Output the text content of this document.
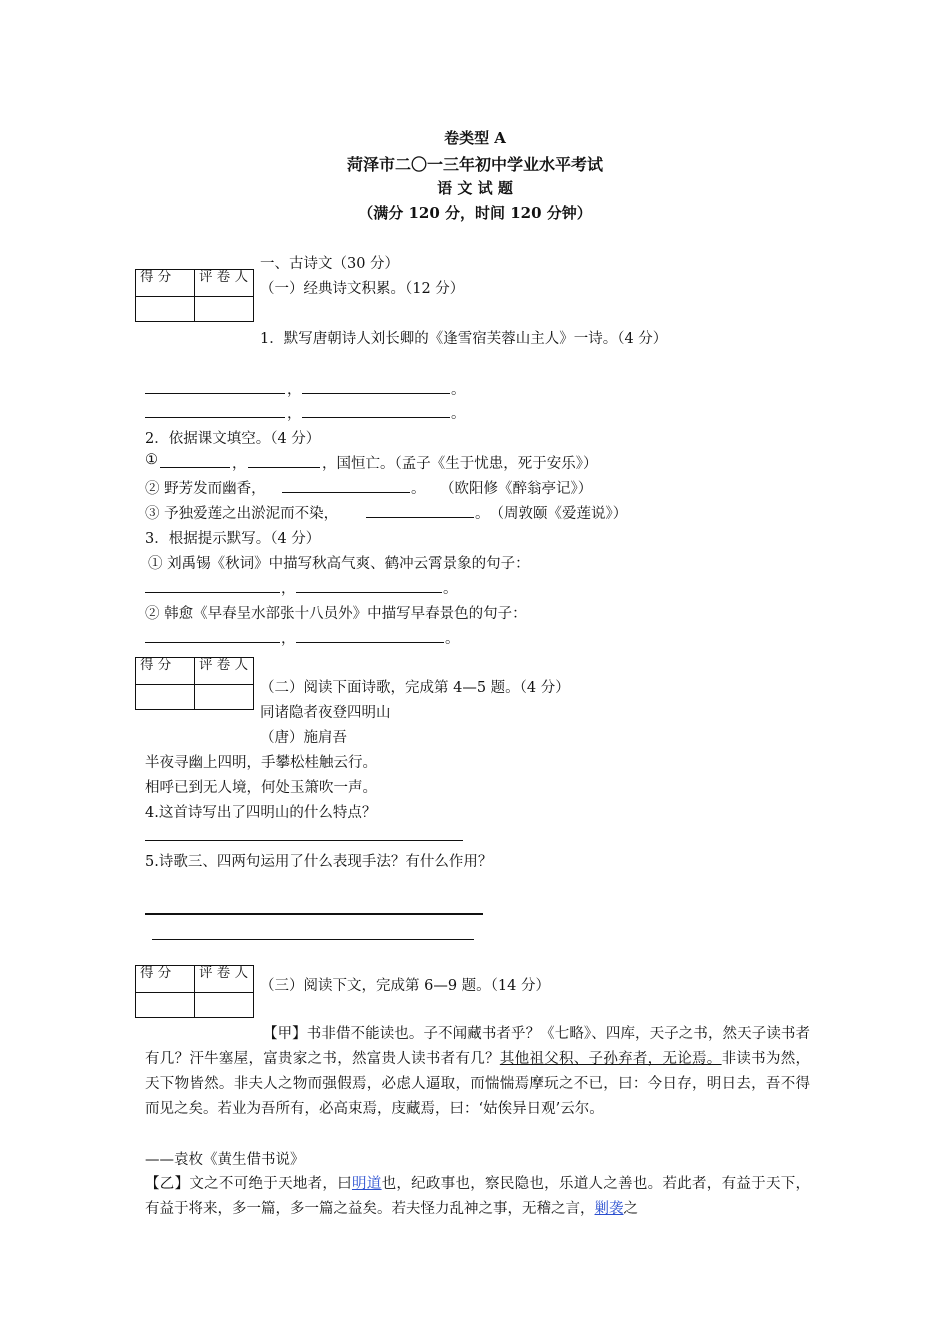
卷类型 A
菏泽市二〇一三年初中学业水平考试
语 文 试 题
（满分 120 分，时间 120 分钟）
一、古诗文（30 分）
得 分	评 卷 人

（一）经典诗文积累。（12 分）
1．默写唐朝诗人刘长卿的《逢雪宿芙蓉山主人》一诗。（4 分）
，	。
，	。
2．依据课文填空。（4 分）
①	，	，国恒亡。（孟子《生于忧患，死于安乐》）
② 野芳发而幽香，	。　　（欧阳修《醉翁亭记》）
③ 予独爱莲之出淤泥而不染，	。　（周敦颐《爱莲说》）
3．根据提示默写。（4 分）
① 刘禹锡《秋词》中描写秋高气爽、鹤冲云霄景象的句子：
，	。
② 韩愈《早春呈水部张十八员外》中描写早春景色的句子：
，	。
得 分	评 卷 人

（二）阅读下面诗歌，完成第 4—5 题。（4 分）
同诸隐者夜登四明山
（唐）施肩吾
半夜寻幽上四明，手攀松桂触云行。
相呼已到无人境，何处玉箫吹一声。
4.这首诗写出了四明山的什么特点？
5.诗歌三、四两句运用了什么表现手法？有什么作用？
得 分	评 卷 人

（三）阅读下文，完成第 6—9 题。（14 分）
【甲】书非借不能读也。子不闻藏书者乎？《七略》、四库，天子之书，然天子读书者有几？汗牛塞屋，富贵家之书，然富贵人读书者有几？其他祖父积、子孙弃者，无论焉。非读书为然，天下物皆然。非夫人之物而强假焉，必虑人逼取，而惴惴焉摩玩之不已，曰：今日存，明日去，吾不得而见之矣。若业为吾所有，必高束焉，庋藏焉，曰：‘姑俟异日观’云尔。
——袁枚《黄生借书说》
【乙】文之不可绝于天地者，曰明道也，纪政事也，察民隐也，乐道人之善也。若此者，有益于天下，有益于将来，多一篇，多一篇之益矣。若夫怪力乱神之事，无稽之言，剿袭之
